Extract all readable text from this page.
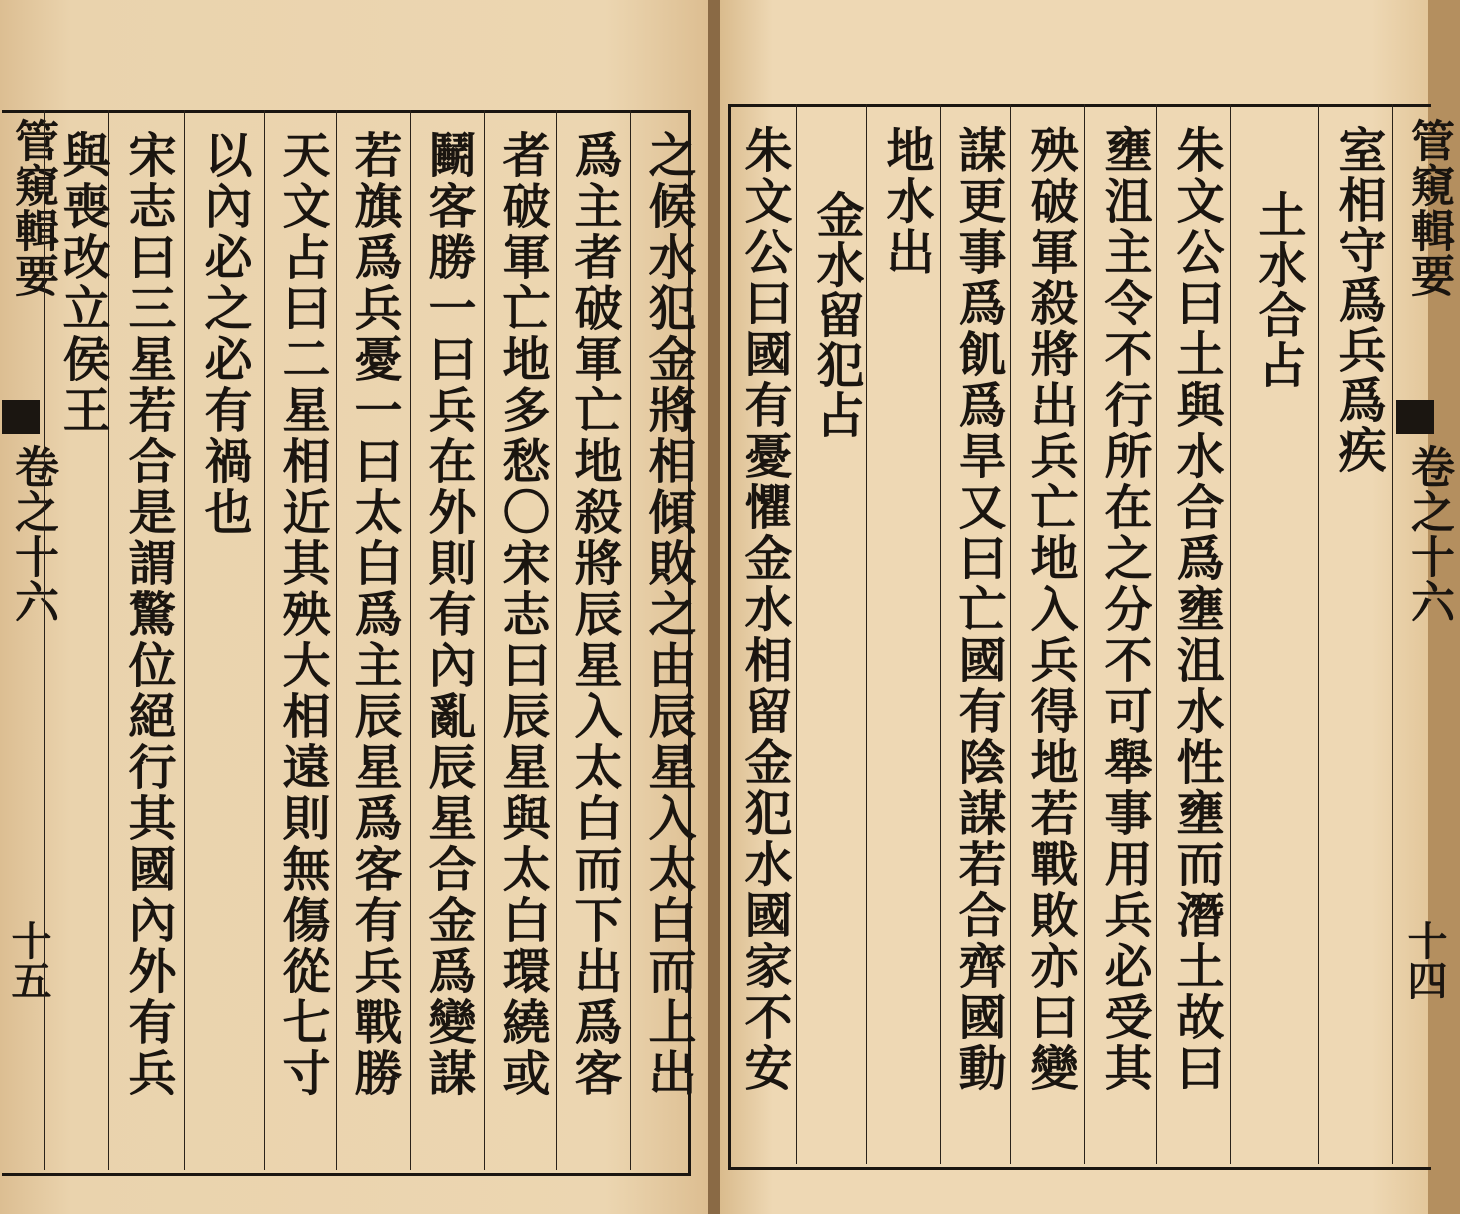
管窺輯要
卷之十六
十五	之候水犯金將相傾敗之由辰星入太白而上出
爲主者破軍亡地殺將辰星入太白而下出爲客
者破軍亡地多愁〇宋志曰辰星與太白環繞或
鬭客勝一曰兵在外則有內亂辰星合金爲變謀
若旗爲兵憂一曰太白爲主辰星爲客有兵戰勝
天文占曰二星相近其殃大相遠則無傷從七寸
以內必之必有禍也
宋志曰三星若合是謂驚位絕行其國內外有兵
與喪改立侯王	室相守爲兵爲疾
土水合占
朱文公曰土與水合爲壅沮水性壅而潛土故曰
壅沮主令不行所在之分不可舉事用兵必受其
殃破軍殺將出兵亡地入兵得地若戰敗亦曰變
謀更事爲飢爲旱又曰亡國有陰謀若合齊國動
地水出
金水留犯占
朱文公曰國有憂懼金水相留金犯水國家不安	管窺輯要
卷之十六
十四
